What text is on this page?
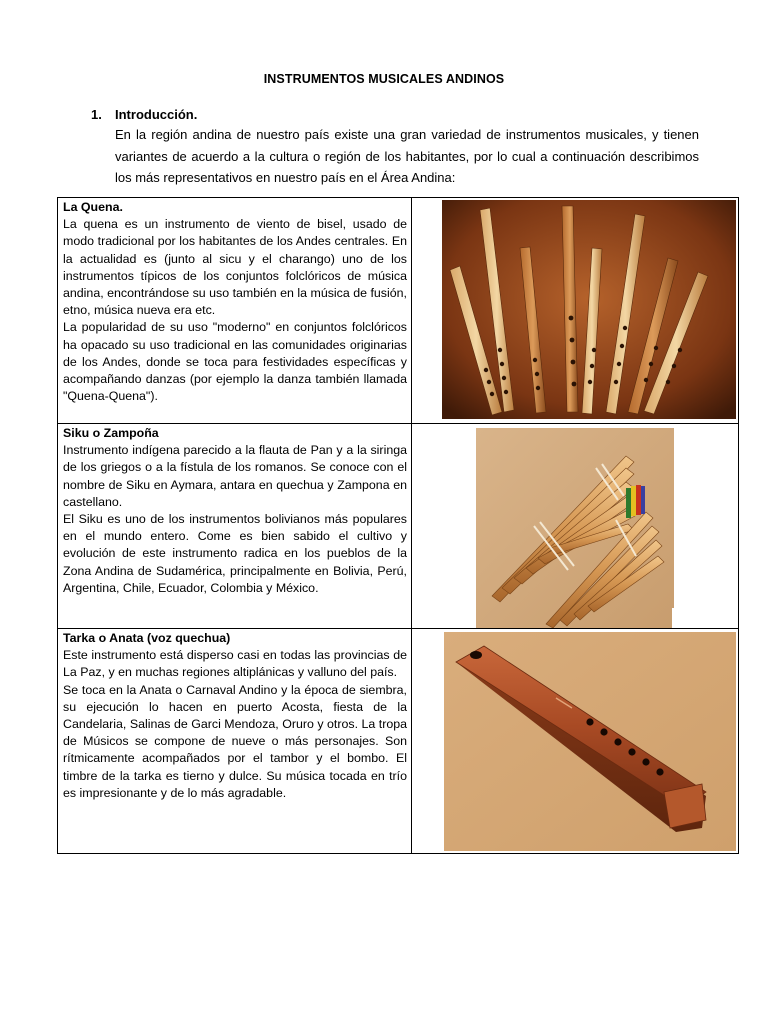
INSTRUMENTOS MUSICALES ANDINOS
1. Introducción.
En la región andina de nuestro país existe una gran variedad de instrumentos musicales, y tienen variantes de acuerdo a la cultura o región de los habitantes, por lo cual a continuación describimos los más representativos en nuestro país en el Área Andina:
La Quena.
La quena es un instrumento de viento de bisel, usado de modo tradicional por los habitantes de los Andes centrales. En la actualidad es (junto al sicu y el charango) uno de los instrumentos típicos de los conjuntos folclóricos de música andina, encontrándose su uso también en la música de fusión, etno, música nueva era etc.
La popularidad de su uso "moderno" en conjuntos folclóricos ha opacado su uso tradicional en las comunidades originarias de los Andes, donde se toca para festividades específicas y acompañando danzas (por ejemplo la danza también llamada "Quena-Quena").

Siku o Zampoña
Instrumento indígena parecido a la flauta de Pan y a la siringa de los griegos o a la fístula de los romanos. Se conoce con el nombre de Siku en Aymara, antara en quechua y Zampona en castellano.
El Siku es uno de los instrumentos bolivianos más populares en el mundo entero. Come es bien sabido el cultivo y evolución de este instrumento radica en los pueblos de la Zona Andina de Sudamérica, principalmente en Bolivia, Perú, Argentina, Chile, Ecuador, Colombia y México.

Tarka o Anata (voz quechua)
Este instrumento está disperso casi en todas las provincias de La Paz, y en muchas regiones altiplánicas y valluno del país.
Se toca en la Anata o Carnaval Andino y la época de siembra, su ejecución lo hacen en puerto Acosta, fiesta de la Candelaria, Salinas de Garci Mendoza, Oruro y otros. La tropa de Músicos se compone de nueve o más personajes. Son rítmicamente acompañados por el tambor y el bombo. El timbre de la tarka es tierno y dulce. Su música tocada en trío es impresionante y de lo más agradable.
